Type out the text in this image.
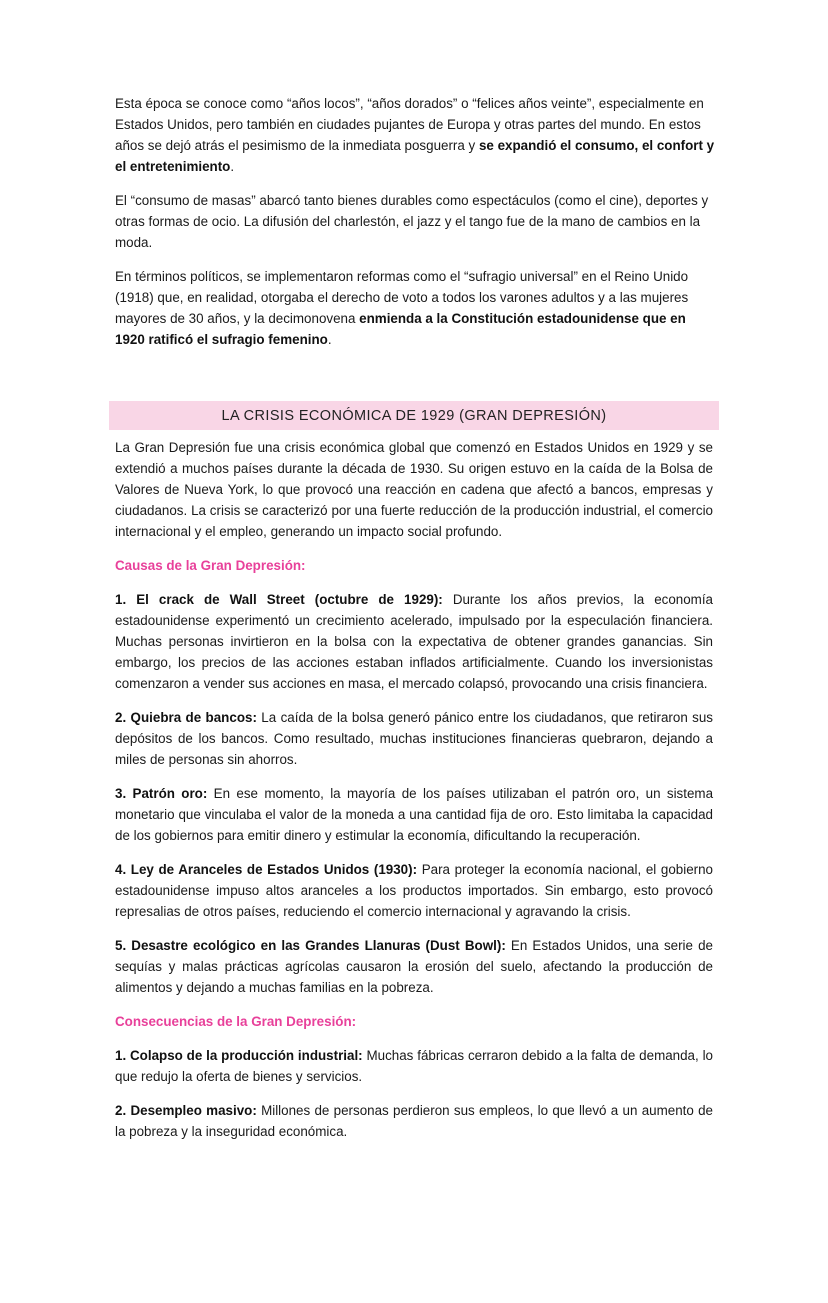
Esta época se conoce como “años locos”, “años dorados” o “felices años veinte”, especialmente en Estados Unidos, pero también en ciudades pujantes de Europa y otras partes del mundo. En estos años se dejó atrás el pesimismo de la inmediata posguerra y se expandió el consumo, el confort y el entretenimiento.

El “consumo de masas” abarcó tanto bienes durables como espectáculos (como el cine), deportes y otras formas de ocio. La difusión del charlestón, el jazz y el tango fue de la mano de cambios en la moda.

En términos políticos, se implementaron reformas como el “sufragio universal” en el Reino Unido (1918) que, en realidad, otorgaba el derecho de voto a todos los varones adultos y a las mujeres mayores de 30 años, y la decimonovena enmienda a la Constitución estadounidense que en 1920 ratificó el sufragio femenino.

LA CRISIS ECONÓMICA DE 1929 (GRAN DEPRESIÓN)

La Gran Depresión fue una crisis económica global que comenzó en Estados Unidos en 1929 y se extendió a muchos países durante la década de 1930. Su origen estuvo en la caída de la Bolsa de Valores de Nueva York, lo que provocó una reacción en cadena que afectó a bancos, empresas y ciudadanos. La crisis se caracterizó por una fuerte reducción de la producción industrial, el comercio internacional y el empleo, generando un impacto social profundo.

Causas de la Gran Depresión:

1. El crack de Wall Street (octubre de 1929): Durante los años previos, la economía estadounidense experimentó un crecimiento acelerado, impulsado por la especulación financiera. Muchas personas invirtieron en la bolsa con la expectativa de obtener grandes ganancias. Sin embargo, los precios de las acciones estaban inflados artificialmente. Cuando los inversionistas comenzaron a vender sus acciones en masa, el mercado colapsó, provocando una crisis financiera.

2. Quiebra de bancos: La caída de la bolsa generó pánico entre los ciudadanos, que retiraron sus depósitos de los bancos. Como resultado, muchas instituciones financieras quebraron, dejando a miles de personas sin ahorros.

3. Patrón oro: En ese momento, la mayoría de los países utilizaban el patrón oro, un sistema monetario que vinculaba el valor de la moneda a una cantidad fija de oro. Esto limitaba la capacidad de los gobiernos para emitir dinero y estimular la economía, dificultando la recuperación.

4. Ley de Aranceles de Estados Unidos (1930): Para proteger la economía nacional, el gobierno estadounidense impuso altos aranceles a los productos importados. Sin embargo, esto provocó represalias de otros países, reduciendo el comercio internacional y agravando la crisis.

5. Desastre ecológico en las Grandes Llanuras (Dust Bowl): En Estados Unidos, una serie de sequías y malas prácticas agrícolas causaron la erosión del suelo, afectando la producción de alimentos y dejando a muchas familias en la pobreza.

Consecuencias de la Gran Depresión:

1. Colapso de la producción industrial: Muchas fábricas cerraron debido a la falta de demanda, lo que redujo la oferta de bienes y servicios.

2. Desempleo masivo: Millones de personas perdieron sus empleos, lo que llevó a un aumento de la pobreza y la inseguridad económica.
